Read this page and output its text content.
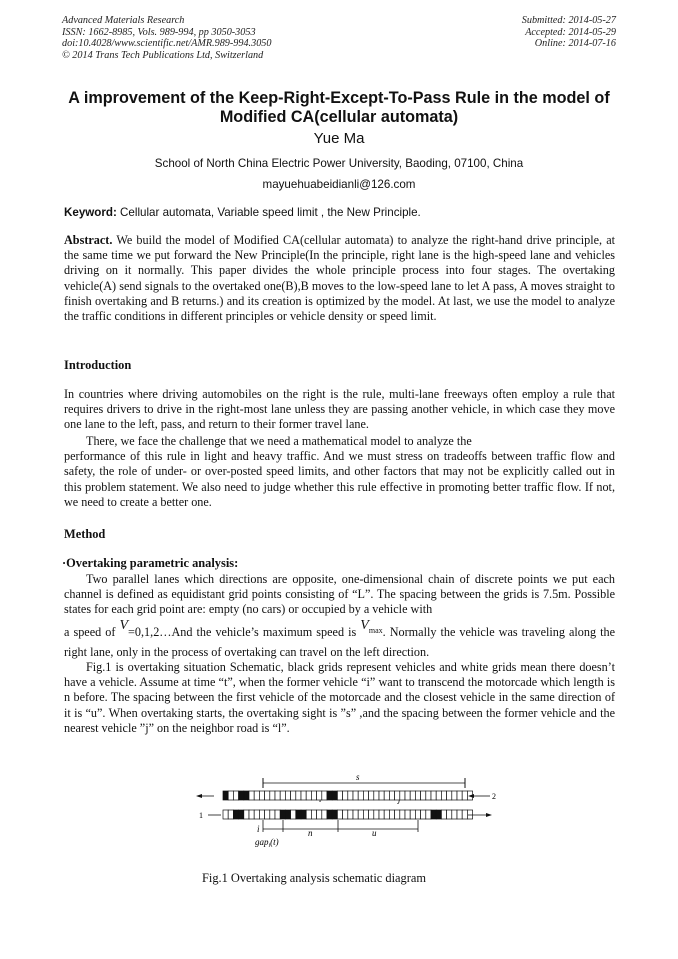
Advanced Materials Research
ISSN: 1662-8985, Vols. 989-994, pp 3050-3053
doi:10.4028/www.scientific.net/AMR.989-994.3050
© 2014 Trans Tech Publications Ltd, Switzerland
Submitted: 2014-05-27
Accepted: 2014-05-29
Online: 2014-07-16
A improvement of the Keep-Right-Except-To-Pass Rule in the model of Modified CA(cellular automata)
Yue Ma
School of North China Electric Power University, Baoding, 07100, China
mayuehuabeidianli@126.com
Keyword: Cellular automata, Variable speed limit , the New Principle.
Abstract. We build the model of Modified CA(cellular automata) to analyze the right-hand drive principle, at the same time we put forward the New Principle(In the principle, right lane is the high-speed lane and vehicles driving on it normally. This paper divides the whole principle process into four stages. The overtaking vehicle(A) send signals to the overtaked one(B),B moves to the low-speed lane to let A pass, A moves straight to finish overtaking and B returns.) and its creation is optimized by the model. At last, we use the model to analyze the traffic conditions in different principles or vehicle density or speed limit.
Introduction
In countries where driving automobiles on the right is the rule, multi-lane freeways often employ a rule that requires drivers to drive in the right-most lane unless they are passing another vehicle, in which case they move one lane to the left, pass, and return to their former travel lane.
There, we face the challenge that we need a mathematical model to analyze the
performance of this rule in light and heavy traffic. And we must stress on tradeoffs between traffic flow and safety, the role of under- or over-posted speed limits, and other factors that may not be explicitly called out in this problem statement. We also need to judge whether this rule effective in promoting better traffic flow. If not, we need to create a better one.
Method
·Overtaking parametric analysis:
Two parallel lanes which directions are opposite, one-dimensional chain of discrete points we put each channel is defined as equidistant grid points consisting of “L”. The spacing between the grids is 7.5m. Possible states for each grid point are: empty (no cars) or occupied by a vehicle with
a speed of V=0,1,2…And the vehicle’s maximum speed is $V_{max}$. Normally the vehicle was traveling along the right lane, only in the process of overtaking can travel on the left direction.
Fig.1 is overtaking situation Schematic, black grids represent vehicles and white grids mean there doesn’t have a vehicle. Assume at time “t”, when the former vehicle “i” want to transcend the motorcade which length is n before. The spacing between the first vehicle of the motorcade and the closest vehicle in the same direction of it is “u”. When overtaking starts, the overtaking sight is ”s” ,and the spacing between the former vehicle and the nearest vehicle ”j” on the neighbor road is “l”.
s
2
1
i	n	u
gap$_i$(t)
Fig.1 Overtaking analysis schematic diagram
